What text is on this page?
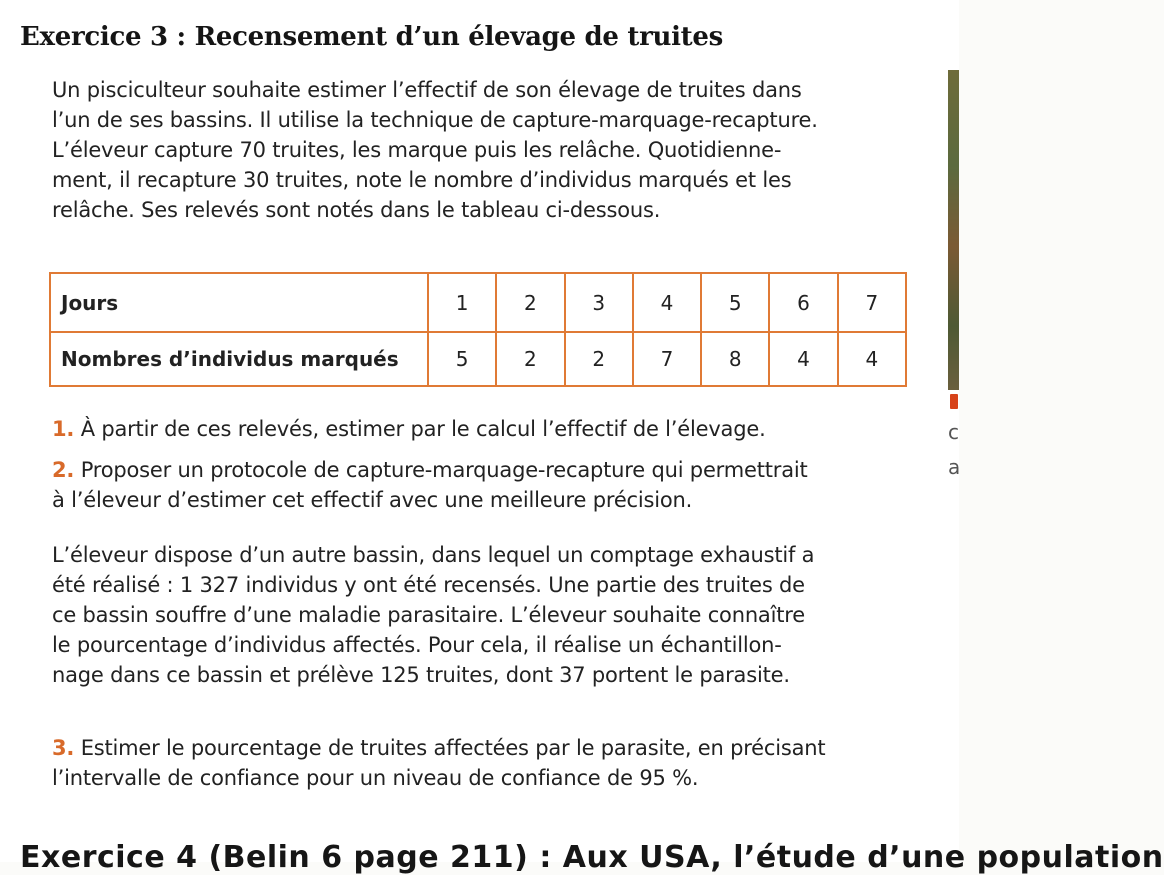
Exercice 3 : Recensement d’un élevage de truites
Un pisciculteur souhaite estimer l’effectif de son élevage de truites dans
l’un de ses bassins. Il utilise la technique de capture-marquage-recapture.
L’éleveur capture 70 truites, les marque puis les relâche. Quotidienne-
ment, il recapture 30 truites, note le nombre d’individus marqués et les
relâche. Ses relevés sont notés dans le tableau ci-dessous.
Jours	1	2	3	4	5	6	7
Nombres d’individus marqués	5	2	2	7	8	4	4
1. À partir de ces relevés, estimer par le calcul l’effectif de l’élevage.
2. Proposer un protocole de capture-marquage-recapture qui permettrait
à l’éleveur d’estimer cet effectif avec une meilleure précision.
L’éleveur dispose d’un autre bassin, dans lequel un comptage exhaustif a
été réalisé : 1 327 individus y ont été recensés. Une partie des truites de
ce bassin souffre d’une maladie parasitaire. L’éleveur souhaite connaître
le pourcentage d’individus affectés. Pour cela, il réalise un échantillon-
nage dans ce bassin et prélève 125 truites, dont 37 portent le parasite.
3. Estimer le pourcentage de truites affectées par le parasite, en précisant
l’intervalle de confiance pour un niveau de confiance de 95 %.
c
a
Exercice 4 (Belin 6 page 211) : Aux USA, l’étude d’une population
